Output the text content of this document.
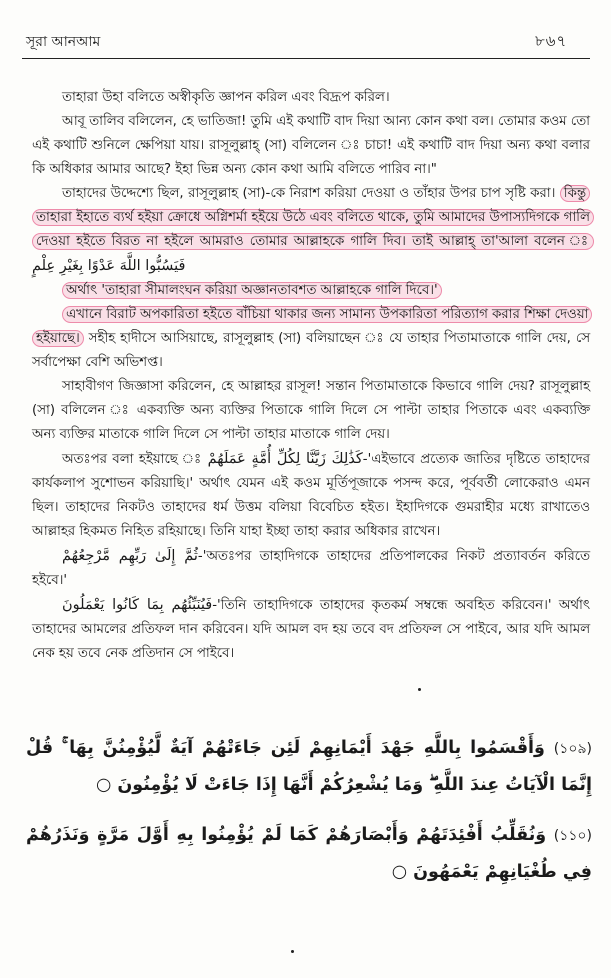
সূরা আনআম	৮৬৭

তাহারা উহা বলিতে অস্বীকৃতি জ্ঞাপন করিল এবং বিদ্রূপ করিল।

আবূ তালিব বলিলেন, হে ভাতিজা! তুমি এই কথাটি বাদ দিয়া আন্য কোন কথা বল। তোমার কওম তো এই কথাটি শুনিলে ক্ষেপিয়া যায়। রাসূলুল্লাহ্ (সা) বলিলেন ঃ চাচা! এই কথাটি বাদ দিয়া অন্য কথা বলার কি অধিকার আমার আছে? ইহা ভিন্ন অন্য কোন কথা আমি বলিতে পারিব না।"

তাহাদের উদ্দেশ্যে ছিল, রাসূলুল্লাহ (সা)-কে নিরাশ করিয়া দেওয়া ও তাঁহার উপর চাপ সৃষ্টি করা। কিন্তু তাহারা ইহাতে ব্যর্থ হইয়া ক্রোধে অগ্নিশর্মা হইয়ে উঠে এবং বলিতে থাকে, তুমি আমাদের উপাস্যদিগকে গালি দেওয়া হইতে বিরত না হইলে আমরাও তোমার আল্লাহকে গালি দিব। তাই আল্লাহ্ তা'আলা বলেন ঃ فَيَسُبُّوا اللَّهَ عَدْوًا بِغَيْرِ عِلْمٍ

অর্থাৎ 'তাহারা সীমালংঘন করিয়া অজ্ঞানতাবশত আল্লাহকে গালি দিবে।'

এখানে বিরাট অপকারিতা হইতে বাঁচিয়া থাকার জন্য সামান্য উপকারিতা পরিত্যাগ করার শিক্ষা দেওয়া হইয়াছে। সহীহ হাদীসে আসিয়াছে, রাসূলুল্লাহ (সা) বলিয়াছেন ঃ যে তাহার পিতামাতাকে গালি দেয়, সে সর্বাপেক্ষা বেশি অভিশপ্ত।

সাহাবীগণ জিজ্ঞাসা করিলেন, হে আল্লাহর রাসূল! সন্তান পিতামাতাকে কিভাবে গালি দেয়? রাসূলুল্লাহ (সা) বলিলেন ঃ একব্যক্তি অন্য ব্যক্তির পিতাকে গালি দিলে সে পাল্টা তাহার পিতাকে এবং একব্যক্তি অন্য ব্যক্তির মাতাকে গালি দিলে সে পাল্টা তাহার মাতাকে গালি দেয়।

অতঃপর বলা হইয়াছে ঃ كَذَٰلِكَ زَيَّنَّا لِكُلِّ أُمَّةٍ عَمَلَهُمْ-'এইভাবে প্রত্যেক জাতির দৃষ্টিতে তাহাদের কার্যকলাপ সুশোভন করিয়াছি।' অর্থাৎ যেমন এই কওম মূর্তিপূজাকে পসন্দ করে, পূর্ববর্তী লোকেরাও এমন ছিল। তাহাদের নিকটও তাহাদের ধর্ম উত্তম বলিয়া বিবেচিত হইত। ইহাদিগকে গুমরাহীর মধ্যে রাখাতেও আল্লাহর হিকমত নিহিত রহিয়াছে। তিনি যাহা ইচ্ছা তাহা করার অধিকার রাখেন।

ثُمَّ إِلَىٰ رَبِّهِم مَّرْجِعُهُمْ-'অতঃপর তাহাদিগকে তাহাদের প্রতিপালকের নিকট প্রত্যাবর্তন করিতে হইবে।'

فَيُنَبِّئُهُم بِمَا كَانُوا يَعْمَلُونَ-'তিনি তাহাদিগকে তাহাদের কৃতকর্ম সম্বন্ধে অবহিত করিবেন।' অর্থাৎ তাহাদের আমলের প্রতিফল দান করিবেন। যদি আমল বদ হয় তবে বদ প্রতিফল সে পাইবে, আর যদি আমল নেক হয় তবে নেক প্রতিদান সে পাইবে।

(১০৯) وَأَقْسَمُوا بِاللَّهِ جَهْدَ أَيْمَانِهِمْ لَئِن جَاءَتْهُمْ آيَةٌ لَّيُؤْمِنُنَّ بِهَا ۚ قُلْ إِنَّمَا الْآيَاتُ عِندَ اللَّهِ ۖ وَمَا يُشْعِرُكُمْ أَنَّهَا إِذَا جَاءَتْ لَا يُؤْمِنُونَ ○
(১১০) وَنُقَلِّبُ أَفْئِدَتَهُمْ وَأَبْصَارَهُمْ كَمَا لَمْ يُؤْمِنُوا بِهِ أَوَّلَ مَرَّةٍ وَنَذَرُهُمْ فِي طُغْيَانِهِمْ يَعْمَهُونَ ○
